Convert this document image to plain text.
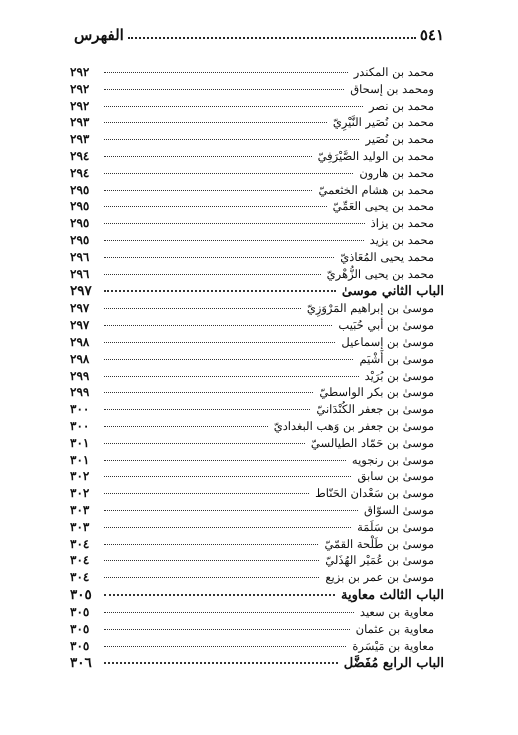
الفهرس	٥٤١
محمد بن المكندر
٢٩٢
ومحمد بن إسحاق
٢٩٢
محمد بن نصر
٢٩٢
محمد بن نُصَير النَّيْرِيّ
٢٩٣
محمد بن نُصَير
٢٩٣
محمد بن الوليد الصَّيْرَفِيّ
٢٩٤
محمد بن هارون
٢٩٤
محمد بن هشام الخثعميّ
٢٩٥
محمد بن يحيى العَمِّيّ
٢٩٥
محمد بن يزاذ
٢٩٥
محمد بن يزيد
٢٩٥
محمد يحيى المُعَاذيّ
٢٩٦
محمد بن يحيى الزُّهْريّ
٢٩٦
الباب الثاني موسىٰ
٢٩٧
موسىٰ بن إبراهيم المَرْوَزِيّ
٢٩٧
موسىٰ بن أبي حُبَيب
٢٩٧
موسىٰ بن إسماعيل
٢٩٨
موسىٰ بن أَشْيَم
٢٩٨
موسىٰ بن بُرَيْد
٢٩٩
موسىٰ بن بكر الواسطيّ
٢٩٩
موسىٰ بن جعفر الكُنْدَانيّ
٣٠٠
موسىٰ بن جعفر بن وَهب البغداديّ
٣٠٠
موسىٰ بن حَمّاد الطيالسيّ
٣٠١
موسىٰ بن رنجويه
٣٠١
موسىٰ بن سابق
٣٠٢
موسىٰ بن سَعْدان الحَنّاط
٣٠٢
موسىٰ السوّاق
٣٠٣
موسىٰ بن سَلَمَة
٣٠٣
موسىٰ بن طَلْحة القمّيّ
٣٠٤
موسىٰ بن عُمَيْر الهُذَليّ
٣٠٤
موسىٰ بن عمر بن بزيع
٣٠٤
الباب الثالث معاوية
٣٠٥
معاوية بن سعيد
٣٠٥
معاوية بن عثمان
٣٠٥
معاوية بن مَيْسَرة
٣٠٥
الباب الرابع مُفَضَّل
٣٠٦
